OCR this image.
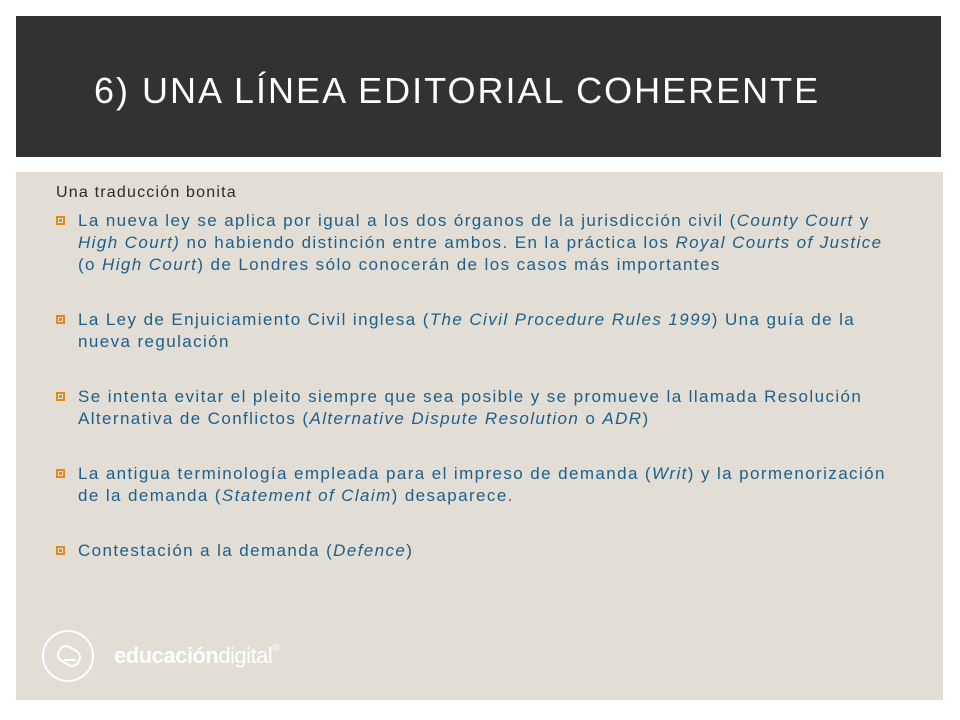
6) UNA LÍNEA EDITORIAL COHERENTE
Una traducción bonita
La nueva ley se aplica por igual a los dos órganos de la jurisdicción civil (County Court y High Court) no habiendo distinción entre ambos. En la práctica los Royal Courts of Justice (o High Court) de Londres sólo conocerán de los casos más importantes
La Ley de Enjuiciamiento Civil inglesa (The Civil Procedure Rules 1999) Una guía de la nueva regulación
Se intenta evitar el pleito siempre que sea posible y se promueve la llamada Resolución Alternativa de Conflictos (Alternative Dispute Resolution o ADR)
La antigua terminología empleada para el impreso de demanda (Writ) y la pormenorización de la demanda (Statement of Claim) desaparece.
Contestación a la demanda (Defence)
educacióndigital®
